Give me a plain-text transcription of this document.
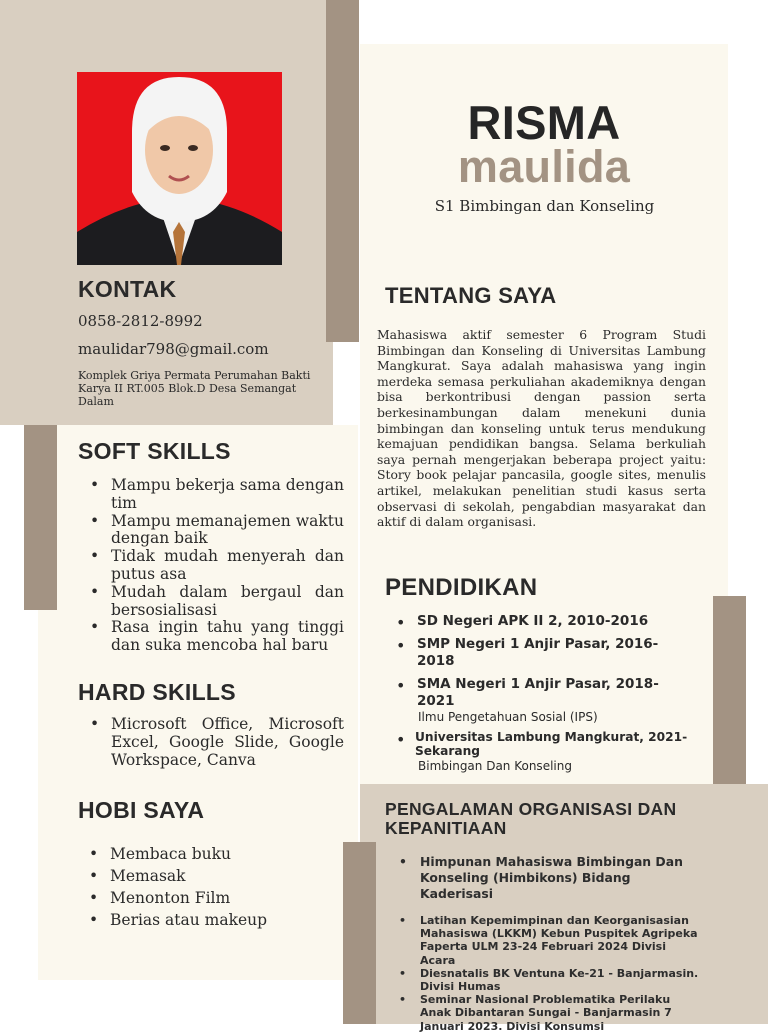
RISMA
maulida
S1 Bimbingan dan Konseling
KONTAK
0858-2812-8992
maulidar798@gmail.com
Komplek Griya Permata Perumahan Bakti Karya II RT.005 Blok.D Desa Semangat Dalam
TENTANG SAYA
Mahasiswa aktif semester 6 Program Studi Bimbingan dan Konseling di Universitas Lambung Mangkurat. Saya adalah mahasiswa yang ingin merdeka semasa perkuliahan akademiknya dengan bisa berkontribusi dengan passion serta berkesinambungan dalam menekuni dunia bimbingan dan konseling untuk terus mendukung kemajuan pendidikan bangsa. Selama berkuliah saya pernah mengerjakan beberapa project yaitu: Story book pelajar pancasila, google sites, menulis artikel, melakukan penelitian studi kasus serta observasi di sekolah, pengabdian masyarakat dan aktif di dalam organisasi.
SOFT SKILLS
• Mampu bekerja sama dengan tim
• Mampu memanajemen waktu dengan baik
• Tidak mudah menyerah dan putus asa
• Mudah dalam bergaul dan bersosialisasi
• Rasa ingin tahu yang tinggi dan suka mencoba hal baru
HARD SKILLS
• Microsoft Office, Microsoft Excel, Google Slide, Google Workspace, Canva
HOBI SAYA
• Membaca buku
• Memasak
• Menonton Film
• Berias atau makeup
PENDIDIKAN
• SD Negeri APK II 2, 2010-2016
• SMP Negeri 1 Anjir Pasar, 2016-2018
• SMA Negeri 1 Anjir Pasar, 2018-2021
Ilmu Pengetahuan Sosial (IPS)
• Universitas Lambung Mangkurat, 2021-Sekarang
Bimbingan Dan Konseling
PENGALAMAN ORGANISASI DAN KEPANITIAAN
• Himpunan Mahasiswa Bimbingan Dan Konseling (Himbikons) Bidang Kaderisasi
• Latihan Kepemimpinan dan Keorganisasian Mahasiswa (LKKM) Kebun Puspitek Agripeka Faperta ULM 23-24 Februari 2024 Divisi Acara
• Diesnatalis BK Ventuna Ke-21 - Banjarmasin. Divisi Humas
• Seminar Nasional Problematika Perilaku Anak Dibantaran Sungai - Banjarmasin 7 Januari 2023. Divisi Konsumsi
